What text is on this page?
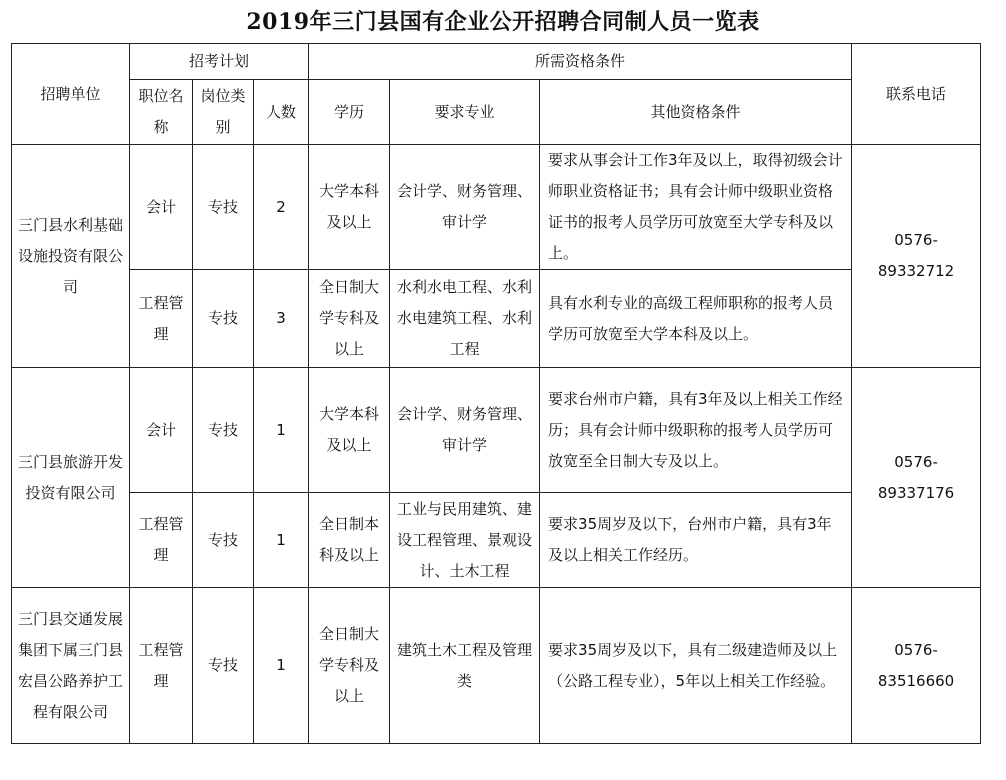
2019年三门县国有企业公开招聘合同制人员一览表
招聘单位	招考计划			所需资格条件			联系电话
	职位名称	岗位类别	人数	学历	要求专业	其他资格条件	
三门县水利基础设施投资有限公司	会计	专技	2	大学本科及以上	会计学、财务管理、审计学	要求从事会计工作3年及以上，取得初级会计师职业资格证书；具有会计师中级职业资格证书的报考人员学历可放宽至大学专科及以上。	0576-89332712
	工程管理	专技	3	全日制大学专科及以上	水利水电工程、水利水电建筑工程、水利工程	具有水利专业的高级工程师职称的报考人员学历可放宽至大学本科及以上。	
三门县旅游开发投资有限公司	会计	专技	1	大学本科及以上	会计学、财务管理、审计学	要求台州市户籍，具有3年及以上相关工作经历；具有会计师中级职称的报考人员学历可放宽至全日制大专及以上。	0576-89337176
	工程管理	专技	1	全日制本科及以上	工业与民用建筑、建设工程管理、景观设计、土木工程	要求35周岁及以下，台州市户籍，具有3年及以上相关工作经历。	
三门县交通发展集团下属三门县宏昌公路养护工程有限公司	工程管理	专技	1	全日制大学专科及以上	建筑土木工程及管理类	要求35周岁及以下，具有二级建造师及以上（公路工程专业），5年以上相关工作经验。	0576-83516660
